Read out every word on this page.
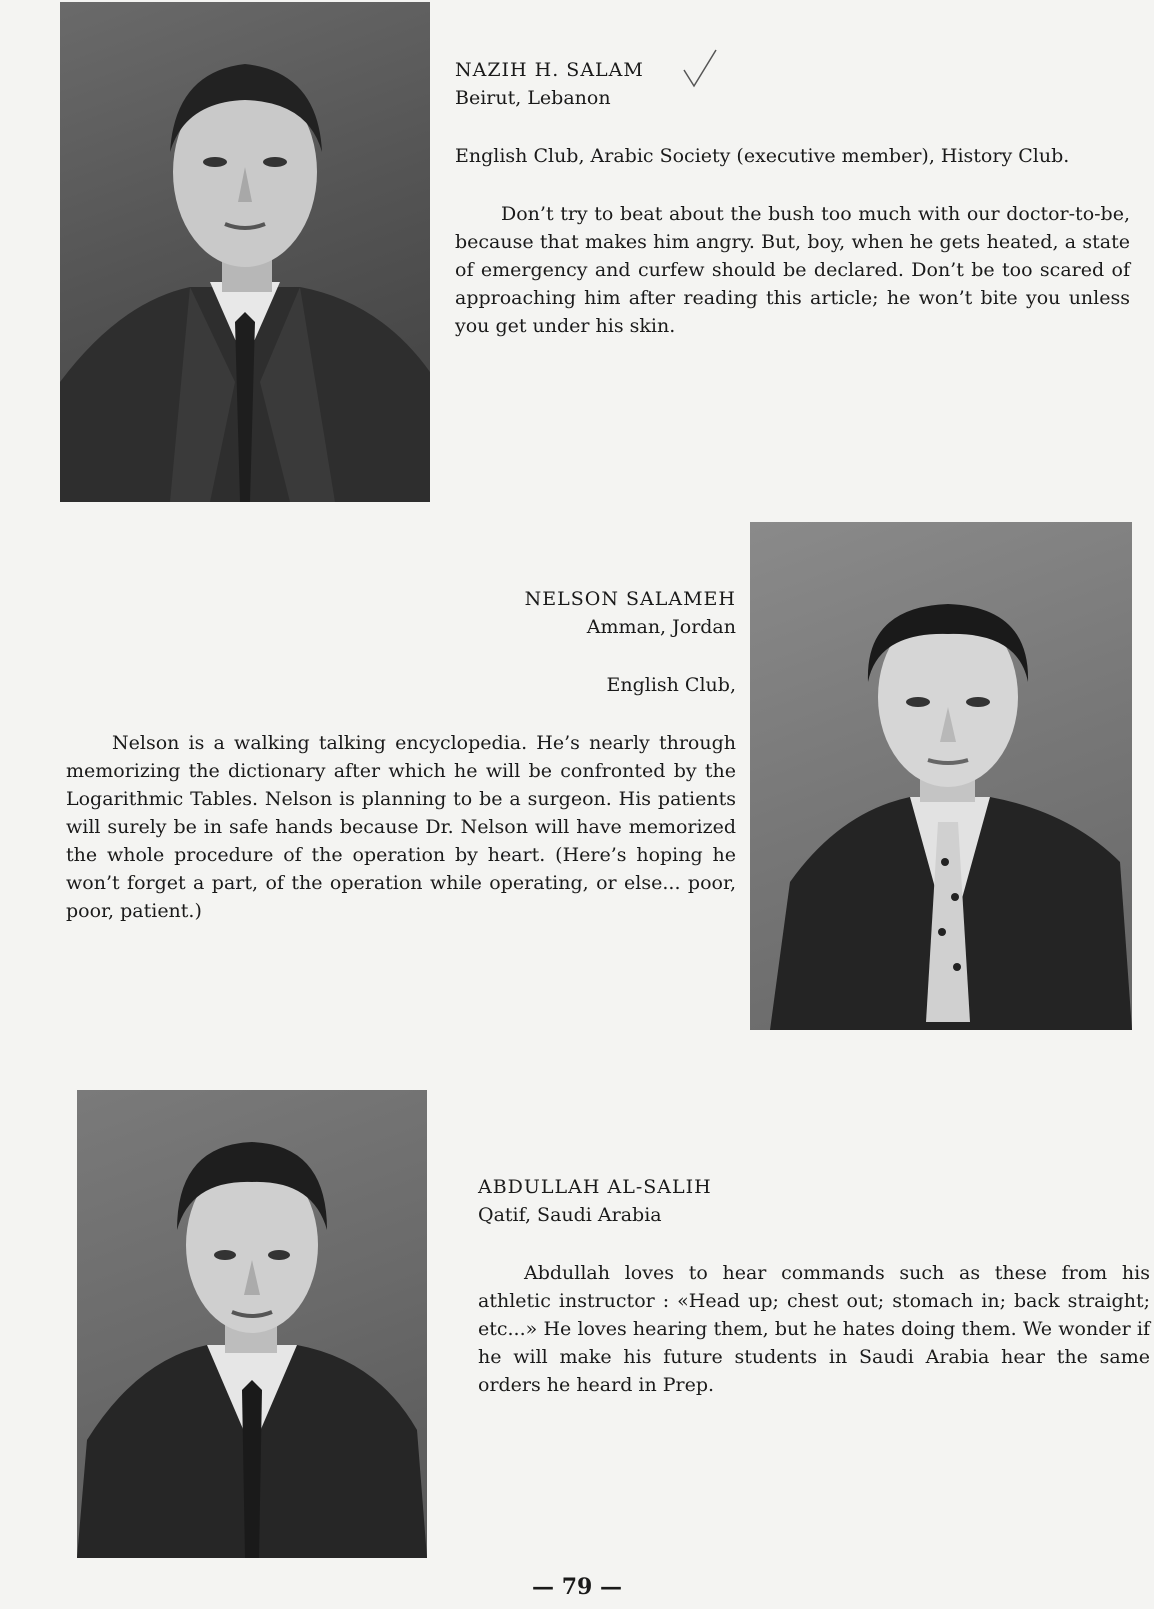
NAZIH H. SALAM
Beirut, Lebanon
English Club, Arabic Society (executive member), History Club.

Don’t try to beat about the bush too much with our doctor-to-be, because that makes him angry. But, boy, when he gets heated, a state of emergency and curfew should be declared. Don’t be too scared of approaching him after reading this article; he won’t bite you unless you get under his skin.

NELSON SALAMEH
Amman, Jordan
English Club,

Nelson is a walking talking encyclopedia. He’s nearly through memorizing the dictionary after which he will be confronted by the Logarithmic Tables. Nelson is planning to be a surgeon. His patients will surely be in safe hands because Dr. Nelson will have memorized the whole procedure of the operation by heart. (Here’s hoping he won’t forget a part, of the operation while operating, or else... poor, poor, patient.)

ABDULLAH AL-SALIH
Qatif, Saudi Arabia

Abdullah loves to hear commands such as these from his athletic instructor : «Head up; chest out; stomach in; back straight; etc...» He loves hearing them, but he hates doing them. We wonder if he will make his future students in Saudi Arabia hear the same orders he heard in Prep.

— 79 —
